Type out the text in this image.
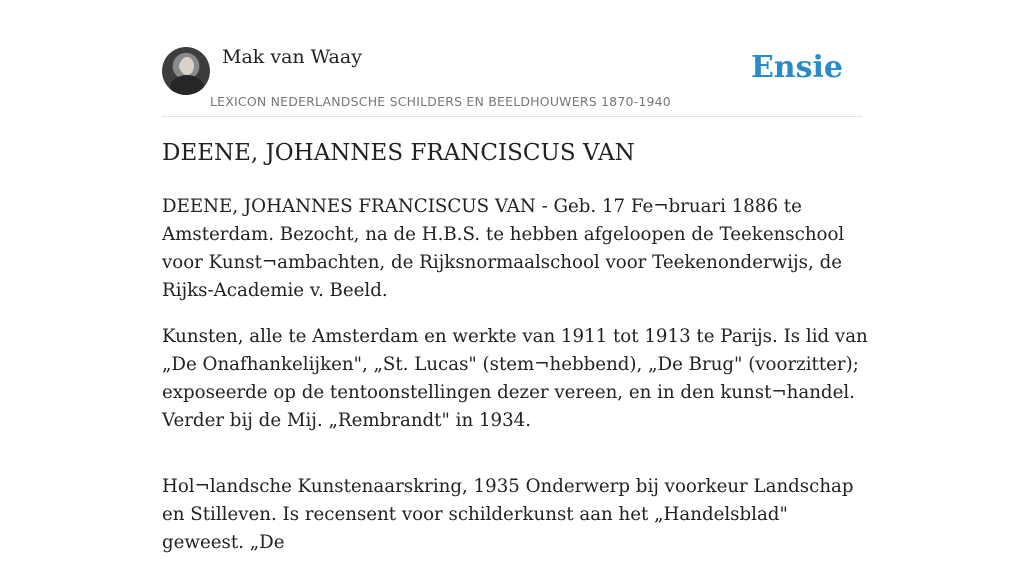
Mak van Waay
LEXICON NEDERLANDSCHE SCHILDERS EN BEELDHOUWERS 1870-1940
Ensie
DEENE, JOHANNES FRANCISCUS VAN

DEENE, JOHANNES FRANCISCUS VAN - Geb. 17 Fe¬bruari 1886 te Amsterdam. Bezocht, na de H.B.S. te hebben afgeloopen de Teekenschool voor Kunst¬ambachten, de Rijksnormaalschool voor Teekenonderwijs, de Rijks-Academie v. Beeld.

Kunsten, alle te Amsterdam en werkte van 1911 tot 1913 te Parijs. Is lid van „De Onafhankelijken", „St. Lucas" (stem¬hebbend), „De Brug" (voorzitter); exposeerde op de tentoonstellingen dezer vereen, en in den kunst¬handel. Verder bij de Mij. „Rembrandt" in 1934.

Hol¬landsche Kunstenaarskring, 1935 Onderwerp bij voorkeur Landschap en Stilleven. Is recensent voor schilderkunst aan het „Handelsblad" geweest. „De
